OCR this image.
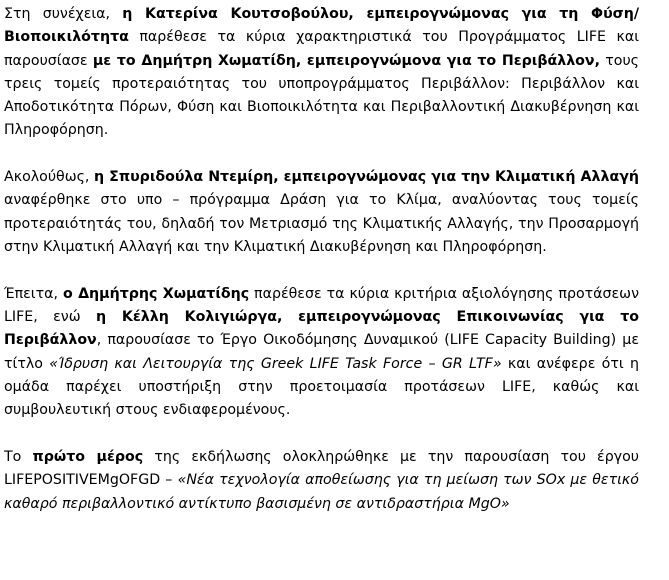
Στη συνέχεια, η Κατερίνα Κουτσοβούλου, εμπειρογνώμονας για τη Φύση/Βιοποικιλότητα παρέθεσε τα κύρια χαρακτηριστικά του Προγράμματος LIFE και παρουσίασε με το Δημήτρη Χωματίδη, εμπειρογνώμονα για το Περιβάλλον, τους τρεις τομείς προτεραιότητας του υποπρογράμματος Περιβάλλον: Περιβάλλον και Αποδοτικότητα Πόρων, Φύση και Βιοποικιλότητα και Περιβαλλοντική Διακυβέρνηση και Πληροφόρηση.

Ακολούθως, η Σπυριδούλα Ντεμίρη, εμπειρογνώμονας για την Κλιματική Αλλαγή αναφέρθηκε στο υπο – πρόγραμμα Δράση για το Κλίμα, αναλύοντας τους τομείς προτεραιότητάς του, δηλαδή τον Μετριασμό της Κλιματικής Αλλαγής, την Προσαρμογή στην Κλιματική Αλλαγή και την Κλιματική Διακυβέρνηση και Πληροφόρηση.

Έπειτα, ο Δημήτρης Χωματίδης παρέθεσε τα κύρια κριτήρια αξιολόγησης προτάσεων LIFE, ενώ η Κέλλη Κολιγιώργα, εμπειρογνώμονας Επικοινωνίας για το Περιβάλλον, παρουσίασε το Έργο Οικοδόμησης Δυναμικού (LIFE Capacity Building) με τίτλο «Ίδρυση και Λειτουργία της Greek LIFE Task Force – GR LTF» και ανέφερε ότι η ομάδα παρέχει υποστήριξη στην προετοιμασία προτάσεων LIFE, καθώς και συμβουλευτική στους ενδιαφερομένους.

Το πρώτο μέρος της εκδήλωσης ολοκληρώθηκε με την παρουσίαση του έργου LIFEPOSITIVEMgOFGD – «Νέα τεχνολογία αποθείωσης για τη μείωση των SOx με θετικό καθαρό περιβαλλοντικό αντίκτυπο βασισμένη σε αντιδραστήρια MgO»
